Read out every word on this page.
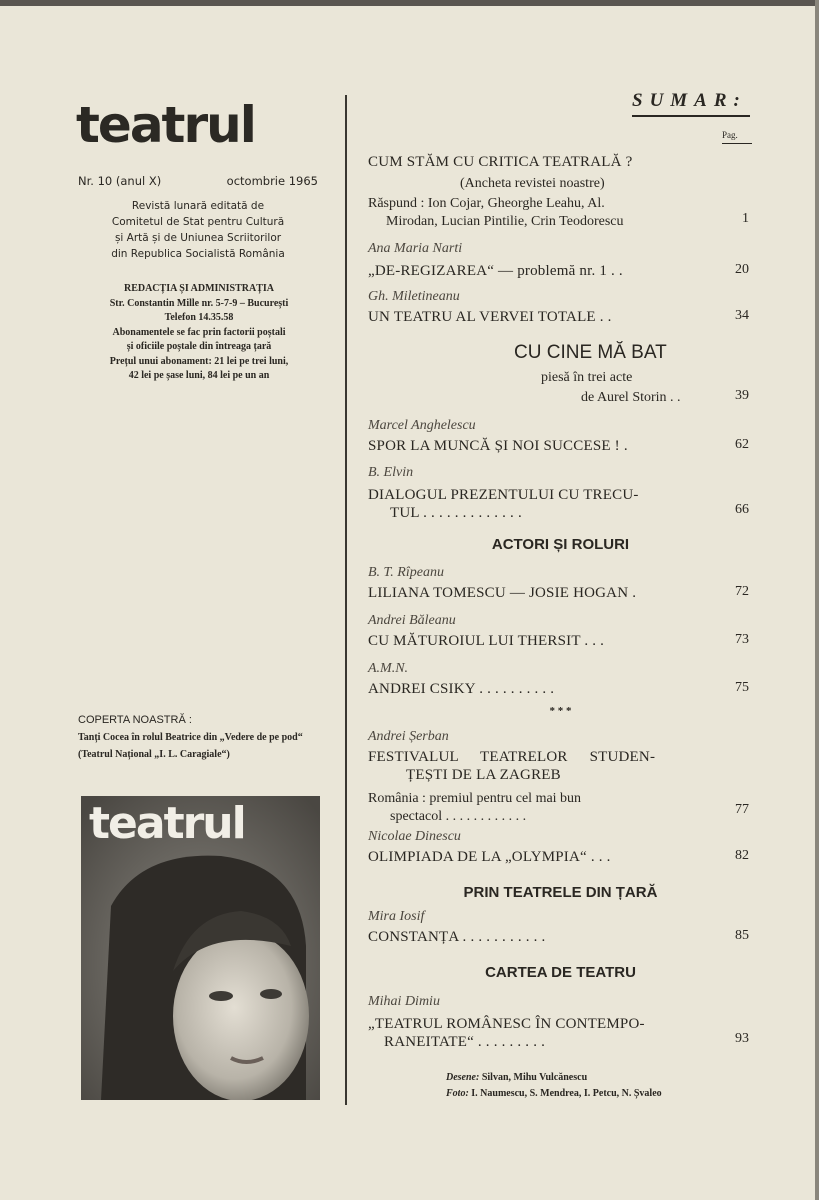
teatrul
Nr. 10 (anul X)	octombrie 1965
Revistă lunară editată de
Comitetul de Stat pentru Cultură
și Artă și de Uniunea Scriitorilor
din Republica Socialistă România
REDACȚIA ȘI ADMINISTRAȚIA
Str. Constantin Mille nr. 5-7-9 – București
Telefon 14.35.58
Abonamentele se fac prin factorii poștali
și oficiile poștale din întreaga țară
Prețul unui abonament: 21 lei pe trei luni,
42 lei pe șase luni, 84 lei pe un an
COPERTA NOASTRĂ :
Tanți Cocea în rolul Beatrice din „Vedere de pe pod“ (Teatrul Național „I. L. Caragiale“)
teatrul
SUMAR:
Pag.
CUM STĂM CU CRITICA TEATRALĂ ?
(Ancheta revistei noastre)
Răspund : Ion Cojar, Gheorghe Leahu, Al.
Mirodan, Lucian Pintilie, Crin Teodorescu	1
Ana Maria Narti
„DE-REGIZAREA“ — problemă nr. 1 . .	20
Gh. Miletineanu
UN TEATRU AL VERVEI TOTALE . .	34
CU CINE MĂ BAT
piesă în trei acte
de Aurel Storin . .	39
Marcel Anghelescu
SPOR LA MUNCĂ ȘI NOI SUCCESE ! .	62
B. Elvin
DIALOGUL PREZENTULUI CU TRECU-
TUL . . . . . . . . . . . . .	66
ACTORI ȘI ROLURI
B. T. Rîpeanu
LILIANA TOMESCU — JOSIE HOGAN .	72
Andrei Băleanu
CU MĂTUROIUL LUI THERSIT . . .	73
A.M.N.
ANDREI CSIKY . . . . . . . . . .	75
* * *
Andrei Șerban
FESTIVALUL TEATRELOR STUDEN-
ȚEȘTI DE LA ZAGREB
România : premiul pentru cel mai bun
spectacol . . . . . . . . . . . .	77
Nicolae Dinescu
OLIMPIADA DE LA „OLYMPIA“ . . .	82
PRIN TEATRELE DIN ȚARĂ
Mira Iosif
CONSTANȚA . . . . . . . . . . .	85
CARTEA DE TEATRU
Mihai Dimiu
„TEATRUL ROMÂNESC ÎN CONTEMPO-
RANEITATE“ . . . . . . . . .	93
Desene: Silvan, Mihu Vulcănescu
Foto: I. Naumescu, S. Mendrea, I. Petcu, N. Șvaleo
